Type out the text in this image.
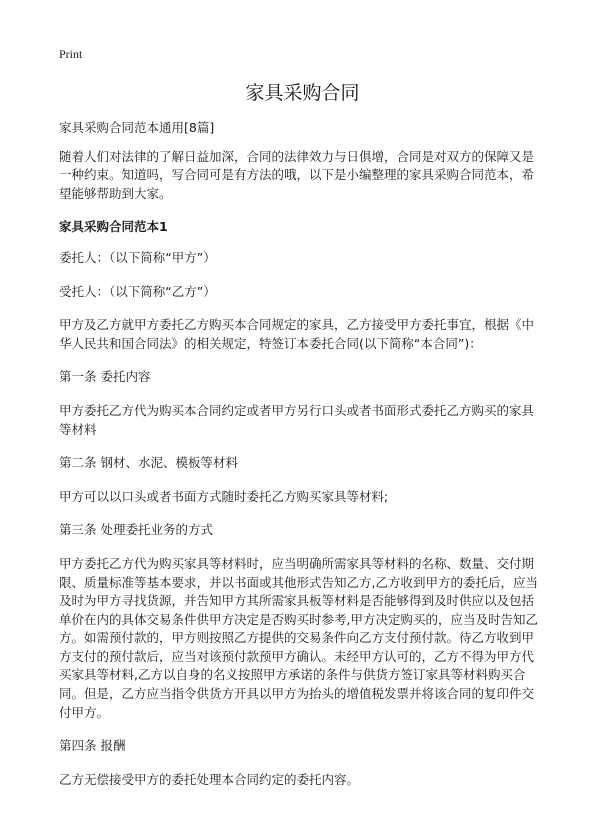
Print
家具采购合同

家具采购合同范本通用[8篇]

随着人们对法律的了解日益加深，合同的法律效力与日俱增，合同是对双方的保障又是一种约束。知道吗，写合同可是有方法的哦，以下是小编整理的家具采购合同范本，希望能够帮助到大家。

家具采购合同范本1

委托人：（以下简称“甲方”）

受托人：（以下简称“乙方”）

甲方及乙方就甲方委托乙方购买本合同规定的家具，乙方接受甲方委托事宜，根据《中华人民共和国合同法》的相关规定，特签订本委托合同(以下简称“本合同”)：

第一条 委托内容

甲方委托乙方代为购买本合同约定或者甲方另行口头或者书面形式委托乙方购买的家具等材料

第二条 钢材、水泥、模板等材料

甲方可以以口头或者书面方式随时委托乙方购买家具等材料;

第三条 处理委托业务的方式

甲方委托乙方代为购买家具等材料时，应当明确所需家具等材料的名称、数量、交付期限、质量标准等基本要求，并以书面或其他形式告知乙方,乙方收到甲方的委托后，应当及时为甲方寻找货源，并告知甲方其所需家具板等材料是否能够得到及时供应以及包括单价在内的具体交易条件供甲方决定是否购买时参考,甲方决定购买的，应当及时告知乙方。如需预付款的，甲方则按照乙方提供的交易条件向乙方支付预付款。待乙方收到甲方支付的预付款后，应当对该预付款预甲方确认。未经甲方认可的，乙方不得为甲方代买家具等材料,乙方以自身的名义按照甲方承诺的条件与供货方签订家具等材料购买合同。但是，乙方应当指令供货方开具以甲方为抬头的增值税发票并将该合同的复印件交付甲方。

第四条 报酬

乙方无偿接受甲方的委托处理本合同约定的委托内容。
